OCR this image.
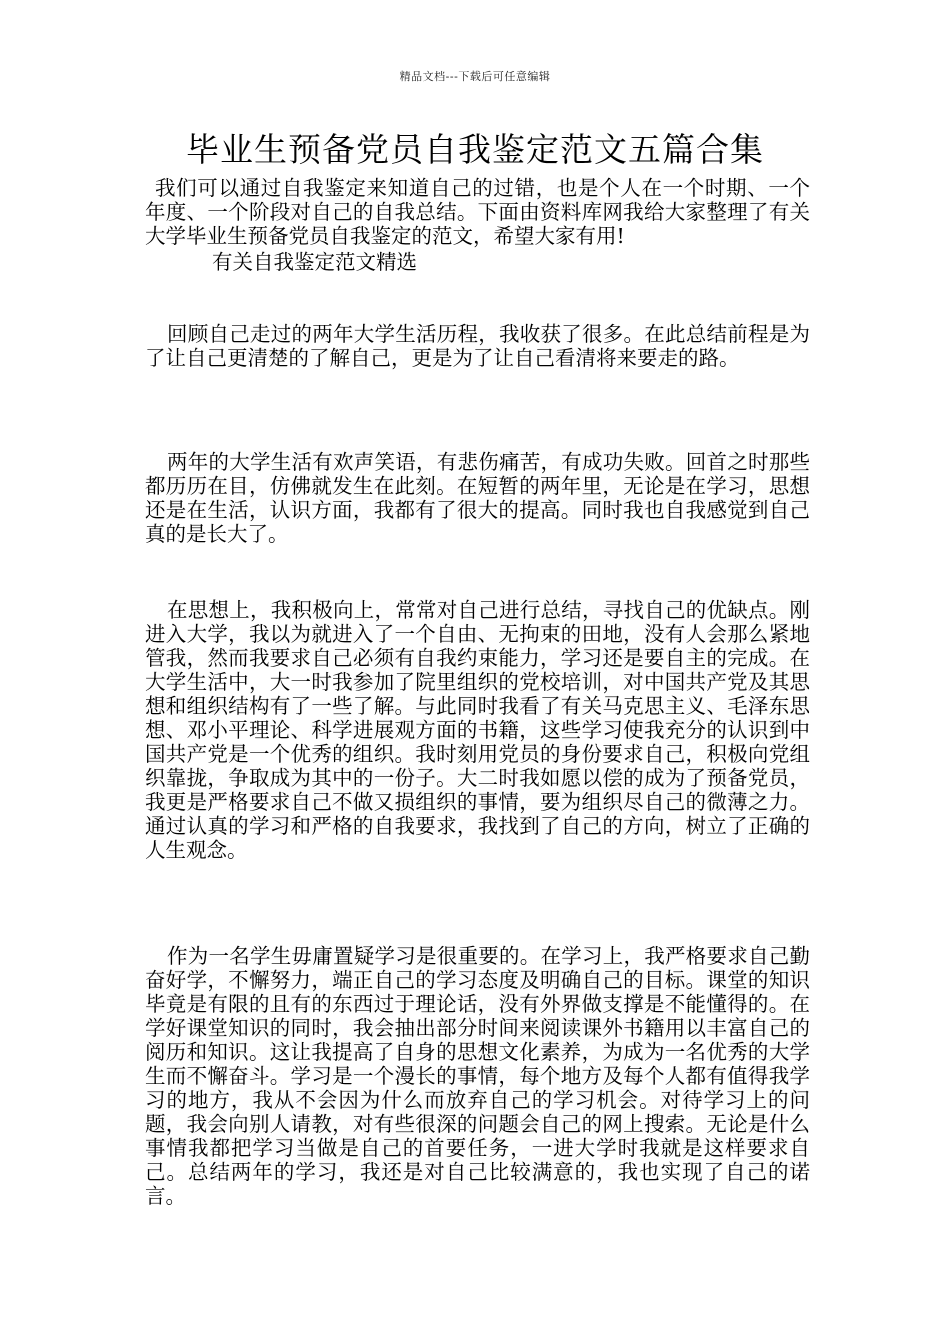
精品文档---下载后可任意编辑
毕业生预备党员自我鉴定范文五篇合集

我们可以通过自我鉴定来知道自己的过错，也是个人在一个时期、一个年度、一个阶段对自己的自我总结。下面由资料库网我给大家整理了有关大学毕业生预备党员自我鉴定的范文，希望大家有用!

有关自我鉴定范文精选

回顾自己走过的两年大学生活历程，我收获了很多。在此总结前程是为了让自己更清楚的了解自己，更是为了让自己看清将来要走的路。

两年的大学生活有欢声笑语，有悲伤痛苦，有成功失败。回首之时那些都历历在目，仿佛就发生在此刻。在短暂的两年里，无论是在学习，思想还是在生活，认识方面，我都有了很大的提高。同时我也自我感觉到自己真的是长大了。

在思想上，我积极向上，常常对自己进行总结，寻找自己的优缺点。刚进入大学，我以为就进入了一个自由、无拘束的田地，没有人会那么紧地管我，然而我要求自己必须有自我约束能力，学习还是要自主的完成。在大学生活中，大一时我参加了院里组织的党校培训，对中国共产党及其思想和组织结构有了一些了解。与此同时我看了有关马克思主义、毛泽东思想、邓小平理论、科学进展观方面的书籍，这些学习使我充分的认识到中国共产党是一个优秀的组织。我时刻用党员的身份要求自己，积极向党组织靠拢，争取成为其中的一份子。大二时我如愿以偿的成为了预备党员，我更是严格要求自己不做又损组织的事情，要为组织尽自己的微薄之力。通过认真的学习和严格的自我要求，我找到了自己的方向，树立了正确的人生观念。

作为一名学生毋庸置疑学习是很重要的。在学习上，我严格要求自己勤奋好学，不懈努力，端正自己的学习态度及明确自己的目标。课堂的知识毕竟是有限的且有的东西过于理论话，没有外界做支撑是不能懂得的。在学好课堂知识的同时，我会抽出部分时间来阅读课外书籍用以丰富自己的阅历和知识。这让我提高了自身的思想文化素养，为成为一名优秀的大学生而不懈奋斗。学习是一个漫长的事情，每个地方及每个人都有值得我学习的地方，我从不会因为什么而放弃自己的学习机会。对待学习上的问题，我会向别人请教，对有些很深的问题会自己的网上搜索。无论是什么事情我都把学习当做是自己的首要任务，一进大学时我就是这样要求自己。总结两年的学习，我还是对自己比较满意的，我也实现了自己的诺言。
